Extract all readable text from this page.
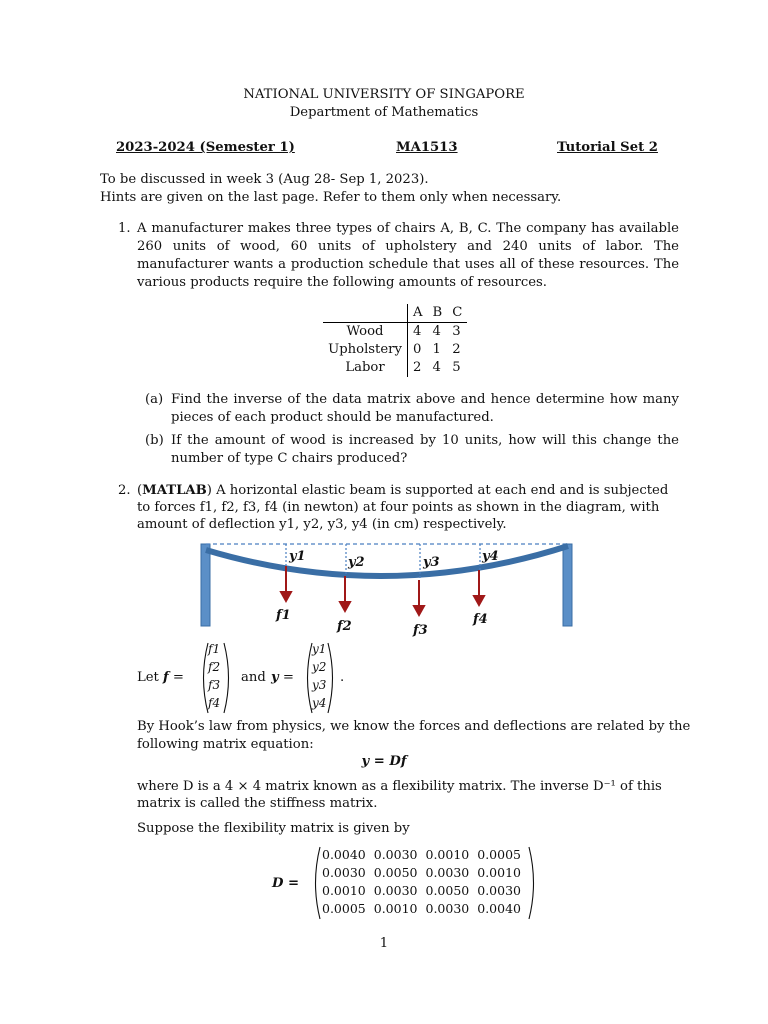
NATIONAL UNIVERSITY OF SINGAPORE
Department of Mathematics
2023-2024 (Semester 1)	MA1513	Tutorial Set 2
To be discussed in week 3 (Aug 28- Sep 1, 2023).
Hints are given on the last page. Refer to them only when necessary.
1. A manufacturer makes three types of chairs A, B, C. The company has available 260 units of wood, 60 units of upholstery and 240 units of labor. The manufacturer wants a production schedule that uses all of these resources. The various products require the following amounts of resources.
	A	B	C
Wood	4	4	3
Upholstery	0	1	2
Labor	2	4	5
(a) Find the inverse of the data matrix above and hence determine how many pieces of each product should be manufactured.
(b) If the amount of wood is increased by 10 units, how will this change the number of type C chairs produced?
2. (MATLAB) A horizontal elastic beam is supported at each end and is subjected
to forces f1, f2, f3, f4 (in newton) at four points as shown in the diagram, with
amount of deflection y1, y2, y3, y4 (in cm) respectively.
y1	y2	y3	y4
f1
f2	f3
f4
Let f =
f1
f2
f3
f4
and y =
y1
y2
y3
y4
.
By Hook’s law from physics, we know the forces and deflections are related by the
following matrix equation:
y = Df
where D is a 4 × 4 matrix known as a flexibility matrix. The inverse D⁻¹ of this
matrix is called the stiffness matrix.
Suppose the flexibility matrix is given by
D =
0.0040	0.0030	0.0010	0.0005
0.0030	0.0050	0.0030	0.0010
0.0010	0.0030	0.0050	0.0030
0.0005	0.0010	0.0030	0.0040
1
